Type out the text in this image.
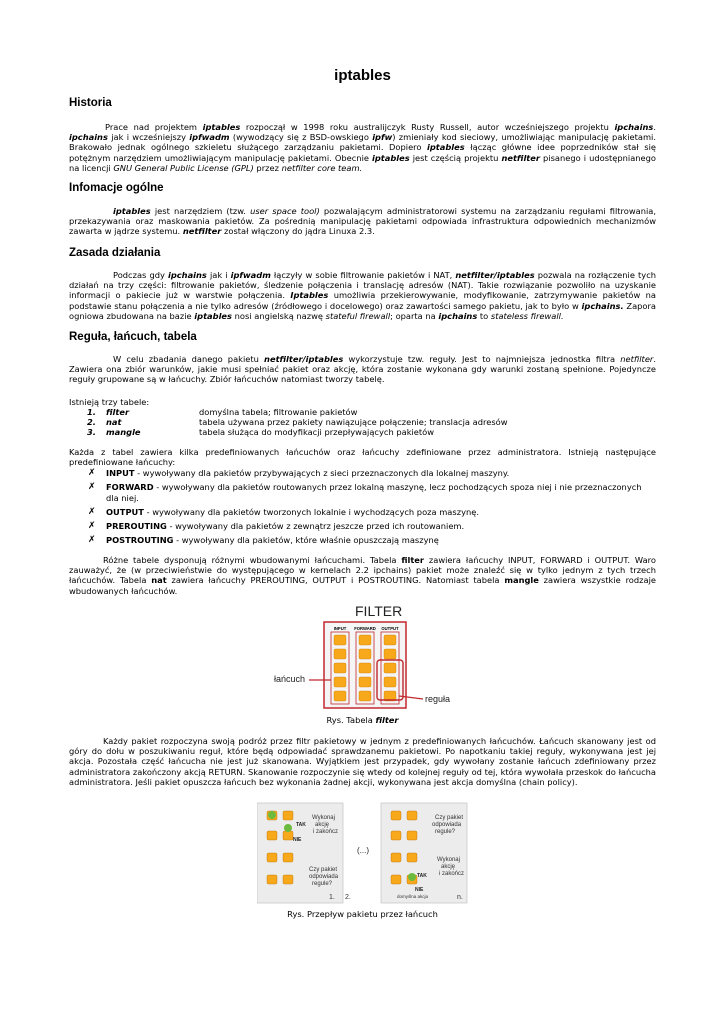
iptables
Historia

Prace nad projektem iptables rozpoczął w 1998 roku australijczyk Rusty Russell, autor wcześniejszego projektu ipchains. ipchains jak i wcześniejszy ipfwadm (wywodzący się z BSD-owskiego ipfw) zmieniały kod sieciowy, umożliwiając manipulację pakietami. Brakowało jednak ogólnego szkieletu służącego zarządzaniu pakietami. Dopiero iptables łącząc główne idee poprzedników stał się potężnym narzędziem umożliwiającym manipulację pakietami. Obecnie iptables jest częścią projektu netfilter pisanego i udostępnianego na licencji GNU General Public License (GPL) przez netfilter core team.

Infomacje ogólne

iptables jest narzędziem (tzw. user space tool) pozwalającym administratorowi systemu na zarządzaniu regułami filtrowania, przekazywania oraz maskowania pakietów. Za pośrednią manipulację pakietami odpowiada infrastruktura odpowiednich mechanizmów zawarta w jądrze systemu. netfilter został włączony do jądra Linuxa 2.3.

Zasada działania

Podczas gdy ipchains jak i ipfwadm łączyły w sobie filtrowanie pakietów i NAT, netfilter/iptables pozwala na rozłączenie tych działań na trzy części: filtrowanie pakietów, śledzenie połączenia i translację adresów (NAT). Takie rozwiązanie pozwoliło na uzyskanie informacji o pakiecie już w warstwie połączenia. Iptables umożliwia przekierowywanie, modyfikowanie, zatrzymywanie pakietów na podstawie stanu połączenia a nie tylko adresów (źródłowego i docelowego) oraz zawartości samego pakietu, jak to było w ipchains. Zapora ogniowa zbudowana na bazie iptables nosi angielską nazwę stateful firewall; oparta na ipchains to stateless firewall.

Reguła, łańcuch, tabela

W celu zbadania danego pakietu netfilter/iptables wykorzystuje tzw. reguły. Jest to najmniejsza jednostka filtra netfilter. Zawiera ona zbiór warunków, jakie musi spełniać pakiet oraz akcję, która zostanie wykonana gdy warunki zostaną spełnione. Pojedyncze reguły grupowane są w łańcuchy. Zbiór łańcuchów natomiast tworzy tabelę.

Istnieją trzy tabele:

1. filter	domyślna tabela; filtrowanie pakietów
2. nat	tabela używana przez pakiety nawiązujące połączenie; translacja adresów
3. mangle	tabela służąca do modyfikacji przepływających pakietów

Każda z tabel zawiera kilka predefiniowanych łańcuchów oraz łańcuchy zdefiniowane przez administratora. Istnieją następujące predefiniowane łańcuchy:

✗ INPUT - wywoływany dla pakietów przybywających z sieci przeznaczonych dla lokalnej maszyny.
✗ FORWARD - wywoływany dla pakietów routowanych przez lokalną maszynę, lecz pochodzących spoza niej i nie przeznaczonych dla niej.
✗ OUTPUT - wywoływany dla pakietów tworzonych lokalnie i wychodzących poza maszynę.
✗ PREROUTING - wywoływany dla pakietów z zewnątrz jeszcze przed ich routowaniem.
✗ POSTROUTING - wywoływany dla pakietów, które właśnie opuszczają maszynę

Różne tabele dysponują różnymi wbudowanymi łańcuchami. Tabela filter zawiera łańcuchy INPUT, FORWARD i OUTPUT. Waro zauważyć, że (w przeciwieństwie do występującego w kernelach 2.2 ipchains) pakiet może znaleźć się w tylko jednym z tych trzech łańcuchów. Tabela nat zawiera łańcuchy PREROUTING, OUTPUT i POSTROUTING. Natomiast tabela mangle zawiera wszystkie rodzaje wbudowanych łańcuchów.

FILTER
INPUT FORWARD OUTPUT
łańcuch
reguła
Rys. Tabela filter

Każdy pakiet rozpoczyna swoją podróż przez filtr pakietowy w jednym z predefiniowanych łańcuchów. Łańcuch skanowany jest od góry do dołu w poszukiwaniu reguł, które będą odpowiadać sprawdzanemu pakietowi. Po napotkaniu takiej reguły, wykonywana jest jej akcja. Pozostała część łańcucha nie jest już skanowana. Wyjątkiem jest przypadek, gdy wywołany zostanie łańcuch zdefiniowany przez administratora zakończony akcją RETURN. Skanowanie rozpoczynie się wtedy od kolejnej reguły od tej, która wywołała przeskok do łańcucha administratora. Jeśli pakiet opuszcza łańcuch bez wykonania żadnej akcji, wykonywana jest akcja domyślna (chain policy).

Wykonaj
akcję
i zakończ
TAK
NIE
Czy pakiet
odpowiada
regule?
1.
(...)
Czy pakiet
odpowiada
regule?
Wykonaj
akcję
i zakończ
TAK
NIE
domyślna akcja
2.	n.
Rys. Przepływ pakietu przez łańcuch
